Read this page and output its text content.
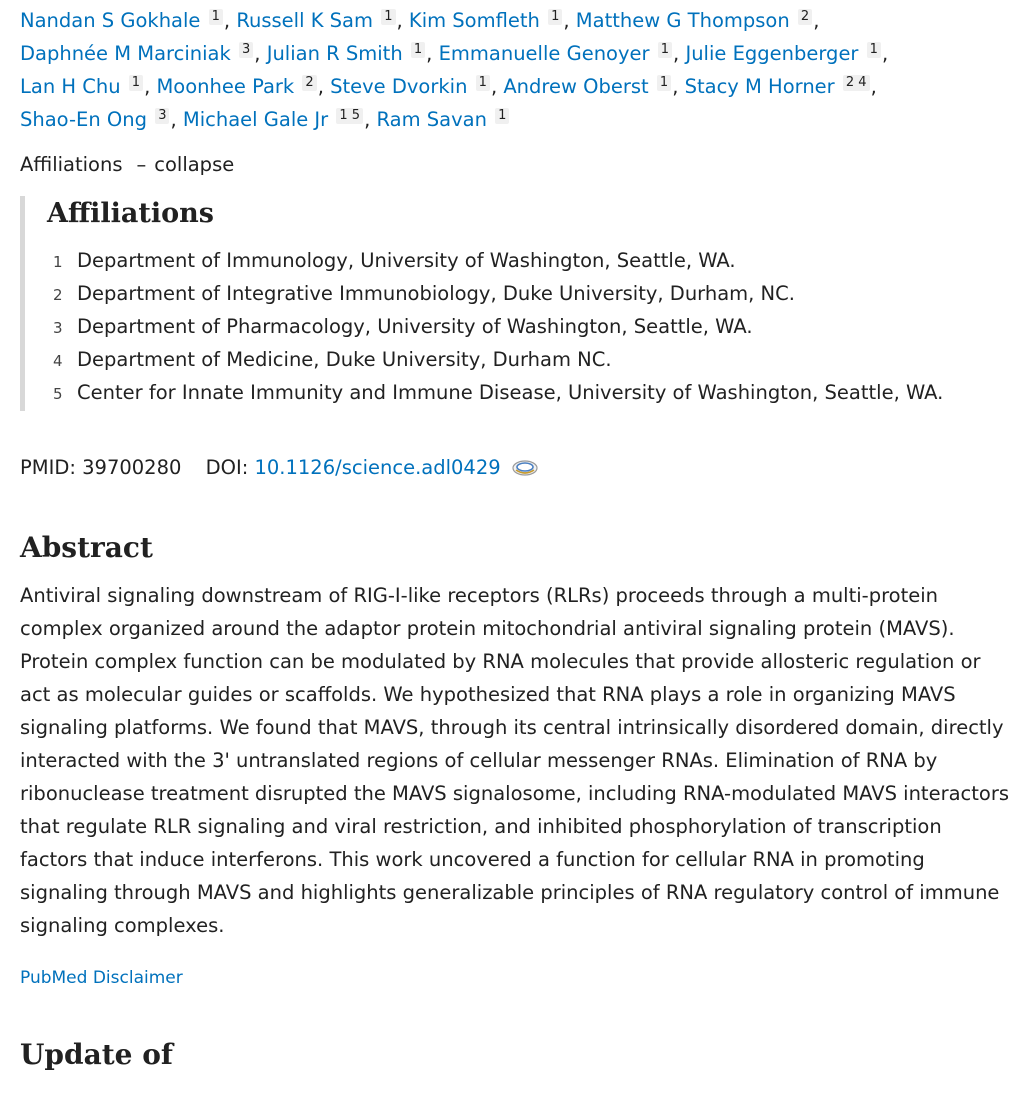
Nandan S Gokhale 1 , Russell K Sam 1 , Kim Somfleth 1 , Matthew G Thompson 2 ,
Daphnée M Marciniak 3 , Julian R Smith 1 , Emmanuelle Genoyer 1 , Julie Eggenberger 1 ,
Lan H Chu 1 , Moonhee Park 2 , Steve Dvorkin 1 , Andrew Oberst 1 , Stacy M Horner 2 4 ,
Shao-En Ong 3 , Michael Gale Jr 1 5 , Ram Savan 1
Affiliations – collapse
Affiliations
1 Department of Immunology, University of Washington, Seattle, WA.
2 Department of Integrative Immunobiology, Duke University, Durham, NC.
3 Department of Pharmacology, University of Washington, Seattle, WA.
4 Department of Medicine, Duke University, Durham NC.
5 Center for Innate Immunity and Immune Disease, University of Washington, Seattle, WA.
PMID: 39700280 DOI: 10.1126/science.adl0429
Abstract

Antiviral signaling downstream of RIG-I-like receptors (RLRs) proceeds through a multi-protein complex organized around the adaptor protein mitochondrial antiviral signaling protein (MAVS). Protein complex function can be modulated by RNA molecules that provide allosteric regulation or act as molecular guides or scaffolds. We hypothesized that RNA plays a role in organizing MAVS signaling platforms. We found that MAVS, through its central intrinsically disordered domain, directly interacted with the 3' untranslated regions of cellular messenger RNAs. Elimination of RNA by ribonuclease treatment disrupted the MAVS signalosome, including RNA-modulated MAVS interactors that regulate RLR signaling and viral restriction, and inhibited phosphorylation of transcription factors that induce interferons. This work uncovered a function for cellular RNA in promoting signaling through MAVS and highlights generalizable principles of RNA regulatory control of immune signaling complexes.

PubMed Disclaimer
Update of
